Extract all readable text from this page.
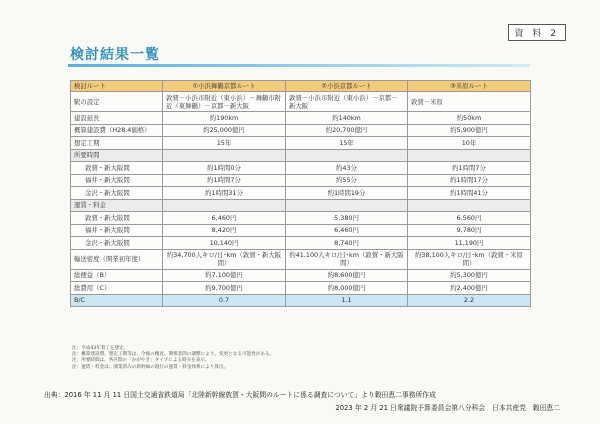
資 料 2
検討結果一覧
検討ルート	①小浜舞鶴京都ルート	②小浜京都ルート	③米原ルート
駅の設定	敦賀－小浜市附近（東小浜）－舞鶴市附近（東舞鶴）－京都－新大阪	敦賀－小浜市附近（東小浜）－京都－新大阪	敦賀－米原
建設延長	約190km	約140km	約50km
概算建設費（H28.4価格）	約25,000億円	約20,700億円	約5,900億円
想定工期	15年	15年	10年
所要時間			
敦賀・新大阪間	約1時間0分	約43分	約1時間7分
福井・新大阪間	約1時間7分	約55分	約1時間17分
金沢・新大阪間	約1時間31分	約1時間19分	約1時間41分
運賃・料金			
敦賀・新大阪間	6,460円	5,380円	6,560円
福井・新大阪間	8,420円	6,460円	9,780円
金沢・新大阪間	10,140円	8,740円	11,190円
輸送密度（開業初年度）	約34,700人キロ/日･km（敦賀・新大阪間）	約41,100人キロ/日･km（敦賀・新大阪間）	約38,100人キロ/日･km（敦賀・米原間）
総便益（B）	約7,100億円	約8,600億円	約5,300億円
総費用（C）	約9,700億円	約8,000億円	約2,400億円
B/C	0.7	1.1	2.2
注：平成43年着工を想定。
注：概算建設費、想定工期等は、今後の精査、関係者間の調整により、変更となる可能性がある。
注：所要時間は、各区間の「かがやき」タイプによる時分を表示。
注：運賃・料金は、開業済みの新幹線の現行の運賃・料金体系により算出。
出典：2016 年 11 月 11 日国土交通省鉄道局「北陸新幹線敦賀・大阪間のルートに係る調査について」より穀田恵二事務所作成
2023 年 2 月 21 日衆議院予算委員会第八分科会　日本共産党　穀田恵二
